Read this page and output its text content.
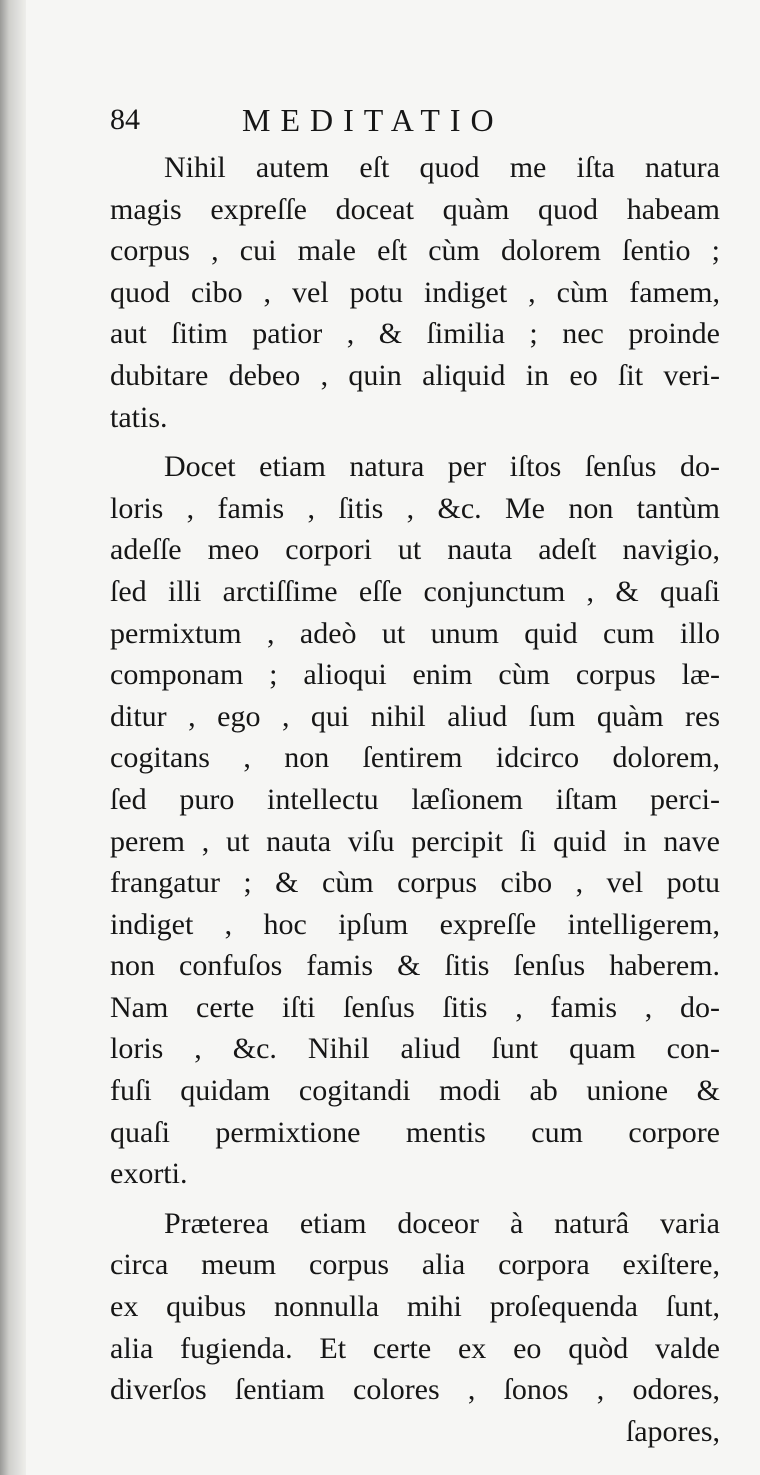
84	MEDITATIO
Nihil autem eſt quod me iſta natura
magis expreſſe doceat quàm quod habeam
corpus , cui male eſt cùm dolorem ſentio ;
quod cibo , vel potu indiget , cùm famem,
aut ſitim patior , & ſimilia ; nec proinde
dubitare debeo , quin aliquid in eo ſit veri-
tatis.
Docet etiam natura per iſtos ſenſus do-
loris , famis , ſitis , &c. Me non tantùm
adeſſe meo corpori ut nauta adeſt navigio,
ſed illi arctiſſime eſſe conjunctum , & quaſi
permixtum , adeò ut unum quid cum illo
componam ; alioqui enim cùm corpus læ-
ditur , ego , qui nihil aliud ſum quàm res
cogitans , non ſentirem idcirco dolorem,
ſed puro intellectu læſionem iſtam perci-
perem , ut nauta viſu percipit ſi quid in nave
frangatur ; & cùm corpus cibo , vel potu
indiget , hoc ipſum expreſſe intelligerem,
non confuſos famis & ſitis ſenſus haberem.
Nam certe iſti ſenſus ſitis , famis , do-
loris , &c. Nihil aliud ſunt quam con-
fuſi quidam cogitandi modi ab unione &
quaſi permixtione mentis cum corpore
exorti.
Præterea etiam doceor à naturâ varia
circa meum corpus alia corpora exiſtere,
ex quibus nonnulla mihi proſequenda ſunt,
alia fugienda. Et certe ex eo quòd valde
diverſos ſentiam colores , ſonos , odores,
ſapores,
